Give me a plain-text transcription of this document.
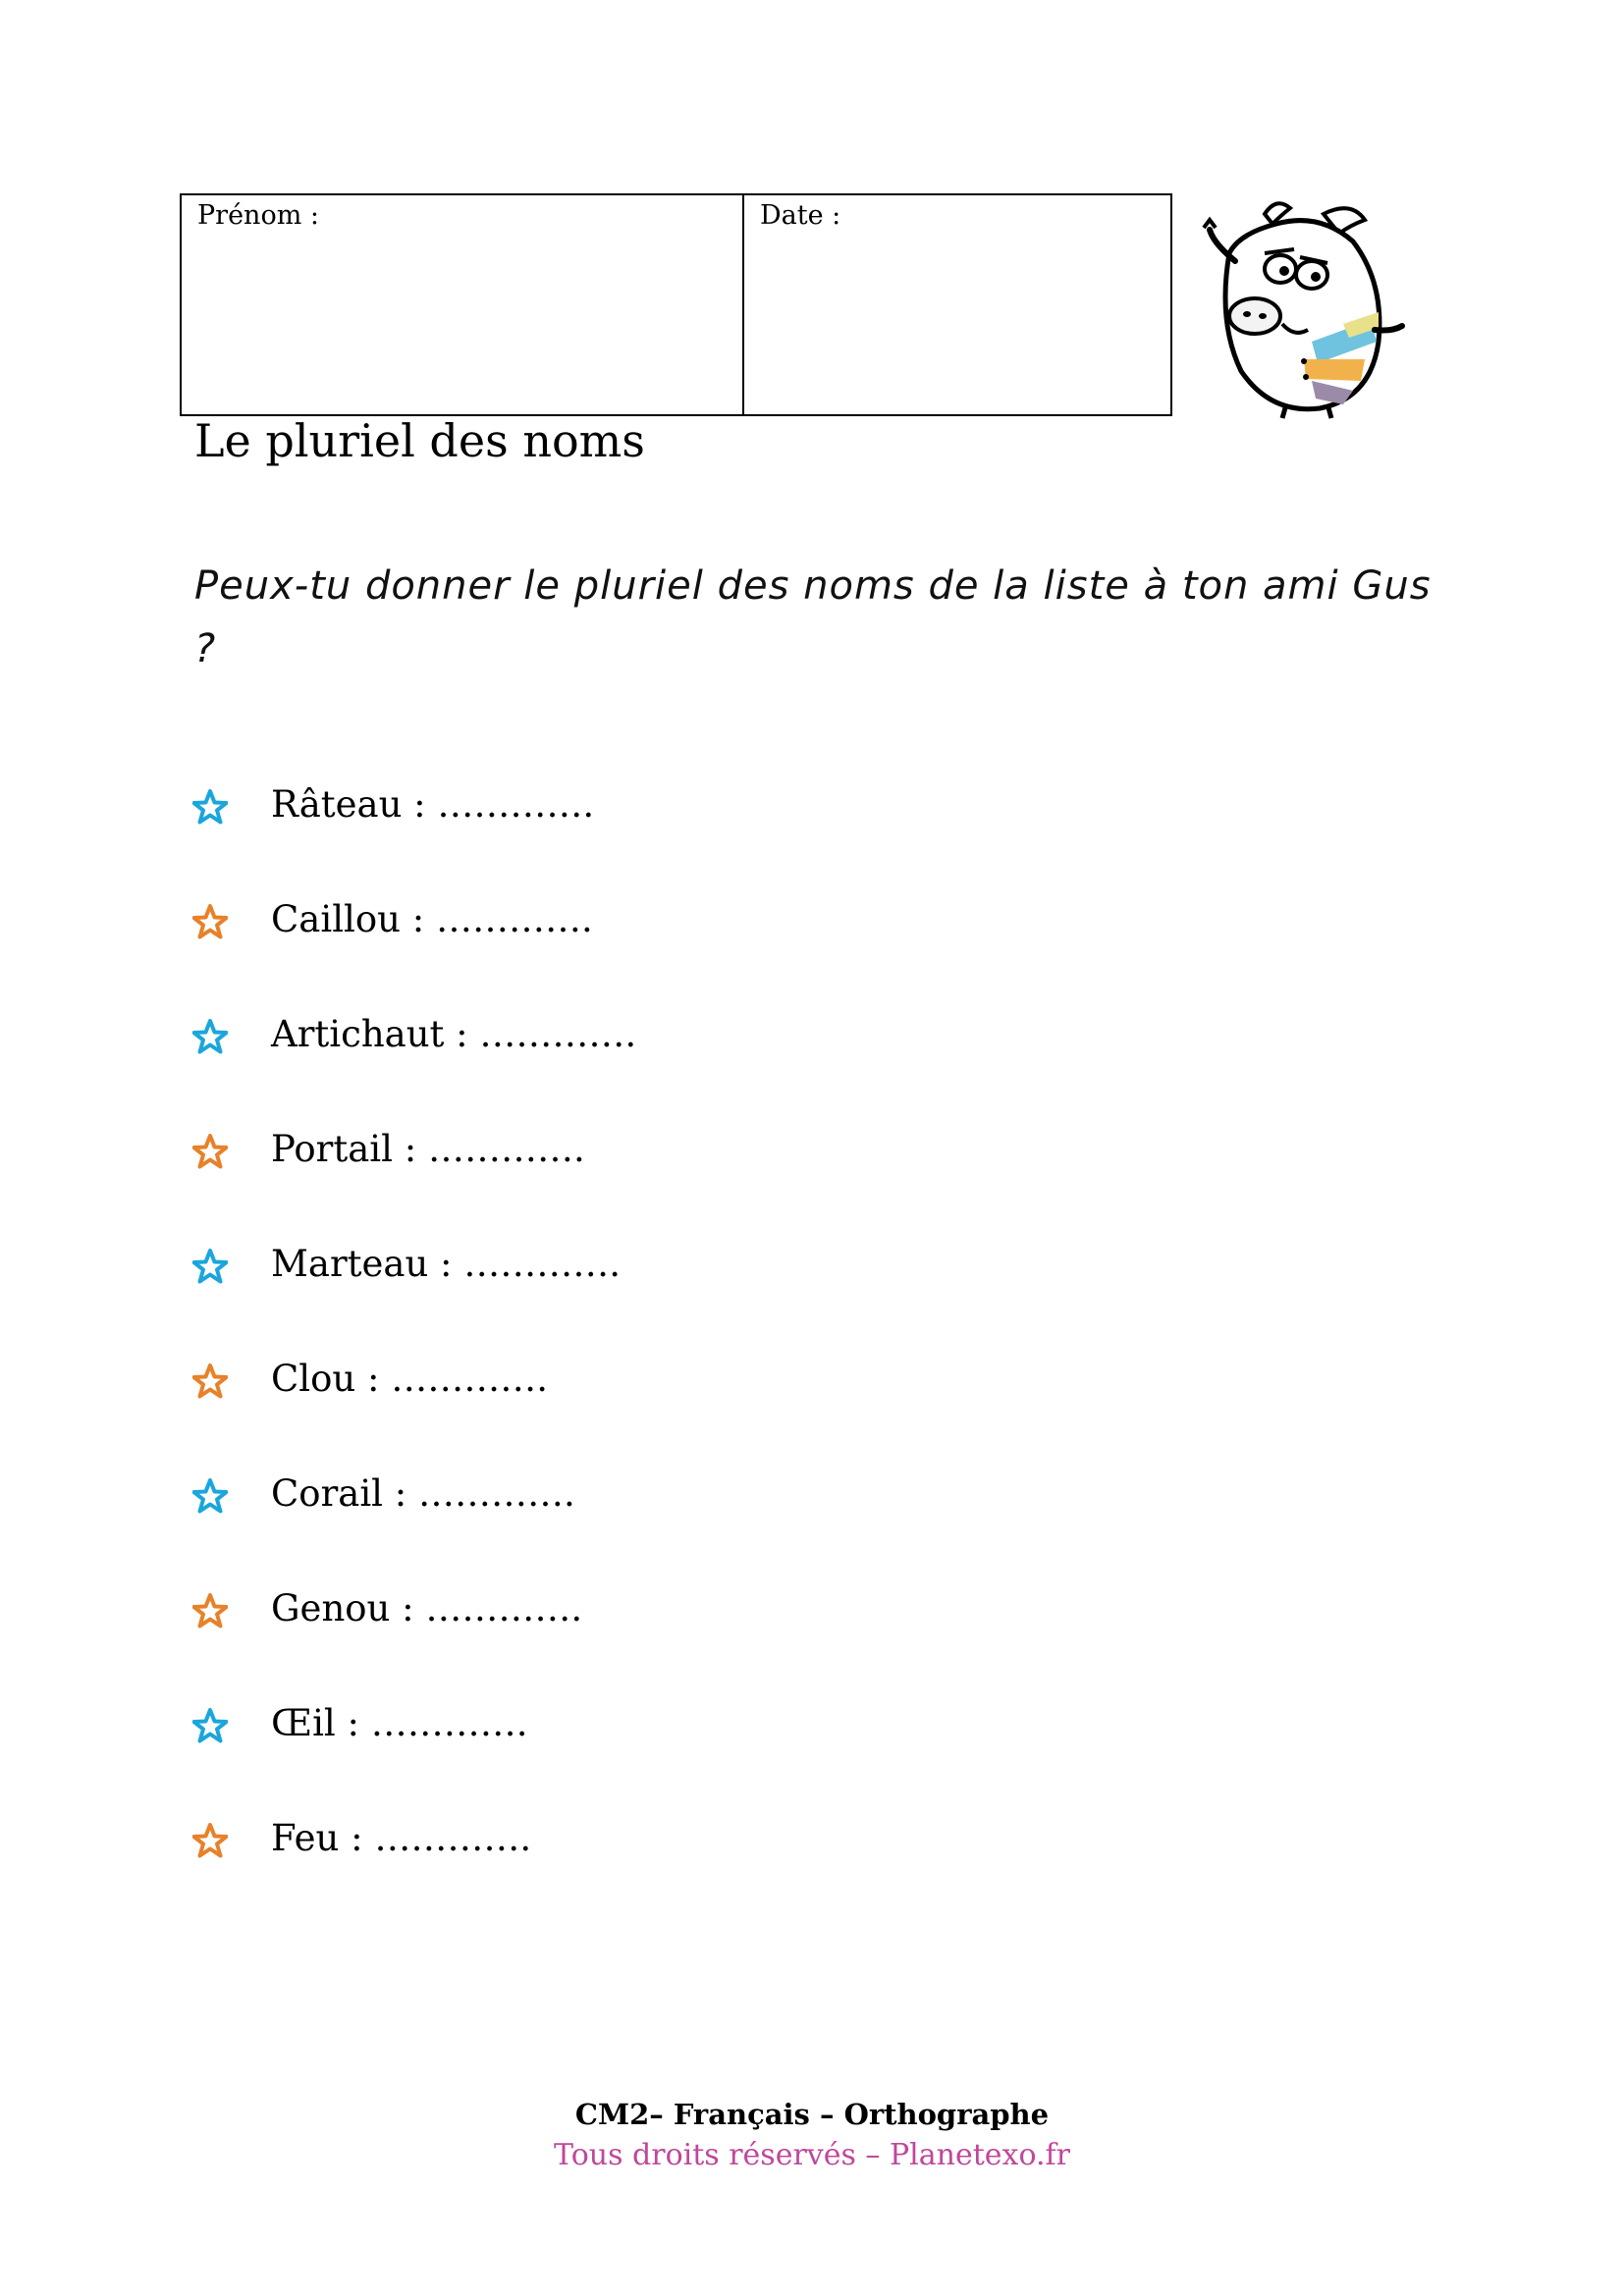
Prénom :	Date :
Le pluriel des noms
Peux-tu donner le pluriel des noms de la liste à ton ami Gus ?
Râteau : ………….
Caillou : ………….
Artichaut : ………….
Portail : ………….
Marteau : ………….
Clou : ………….
Corail : ………….
Genou : ………….
Œil : ………….
Feu : ………….
CM2– Français – Orthographe
Tous droits réservés – Planetexo.fr
